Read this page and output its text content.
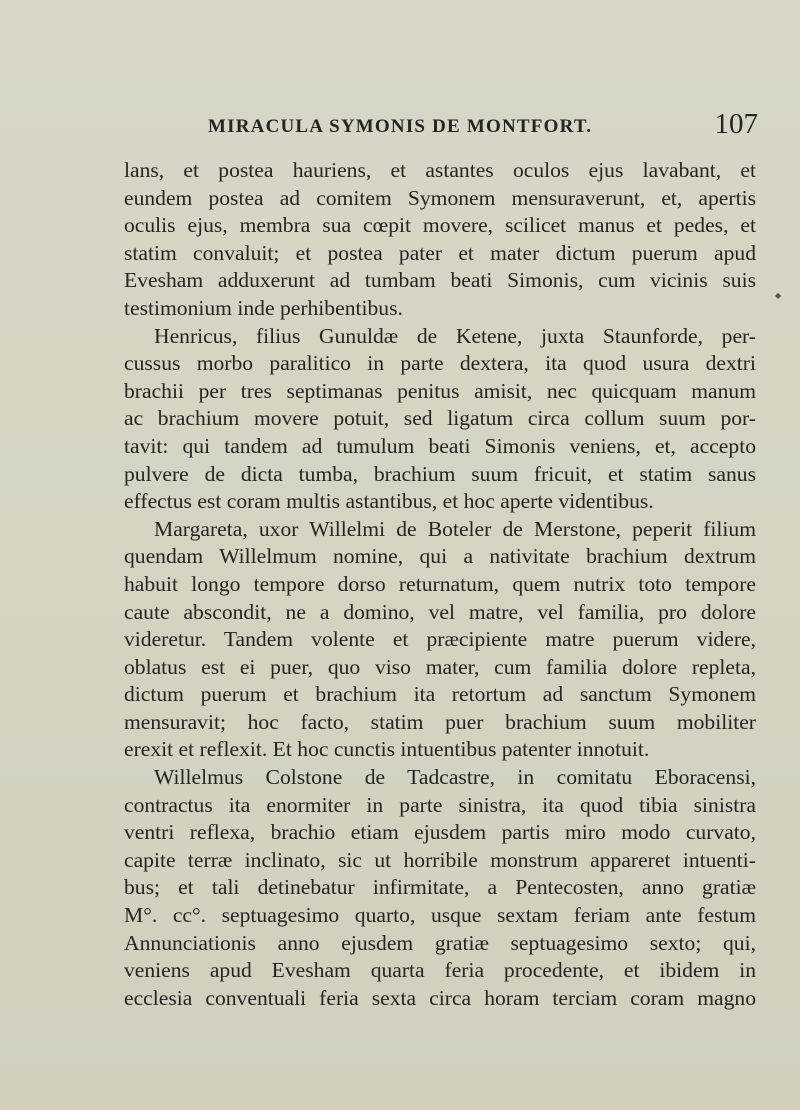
MIRACULA SYMONIS DE MONTFORT.	107
◆
lans, et postea hauriens, et astantes oculos ejus lavabant, et
eundem postea ad comitem Symonem mensuraverunt, et, apertis
oculis ejus, membra sua cœpit movere, scilicet manus et pedes, et
statim convaluit; et postea pater et mater dictum puerum apud
Evesham adduxerunt ad tumbam beati Simonis, cum vicinis suis
testimonium inde perhibentibus.
Henricus, filius Gunuldæ de Ketene, juxta Staunforde, per-
cussus morbo paralitico in parte dextera, ita quod usura dextri
brachii per tres septimanas penitus amisit, nec quicquam manum
ac brachium movere potuit, sed ligatum circa collum suum por-
tavit: qui tandem ad tumulum beati Simonis veniens, et, accepto
pulvere de dicta tumba, brachium suum fricuit, et statim sanus
effectus est coram multis astantibus, et hoc aperte videntibus.
Margareta, uxor Willelmi de Boteler de Merstone, peperit filium
quendam Willelmum nomine, qui a nativitate brachium dextrum
habuit longo tempore dorso returnatum, quem nutrix toto tempore
caute abscondit, ne a domino, vel matre, vel familia, pro dolore
videretur. Tandem volente et præcipiente matre puerum videre,
oblatus est ei puer, quo viso mater, cum familia dolore repleta,
dictum puerum et brachium ita retortum ad sanctum Symonem
mensuravit; hoc facto, statim puer brachium suum mobiliter
erexit et reflexit. Et hoc cunctis intuentibus patenter innotuit.
Willelmus Colstone de Tadcastre, in comitatu Eboracensi,
contractus ita enormiter in parte sinistra, ita quod tibia sinistra
ventri reflexa, brachio etiam ejusdem partis miro modo curvato,
capite terræ inclinato, sic ut horribile monstrum appareret intuenti-
bus; et tali detinebatur infirmitate, a Pentecosten, anno gratiæ
M°. cc°. septuagesimo quarto, usque sextam feriam ante festum
Annunciationis anno ejusdem gratiæ septuagesimo sexto; qui,
veniens apud Evesham quarta feria procedente, et ibidem in
ecclesia conventuali feria sexta circa horam terciam coram magno
